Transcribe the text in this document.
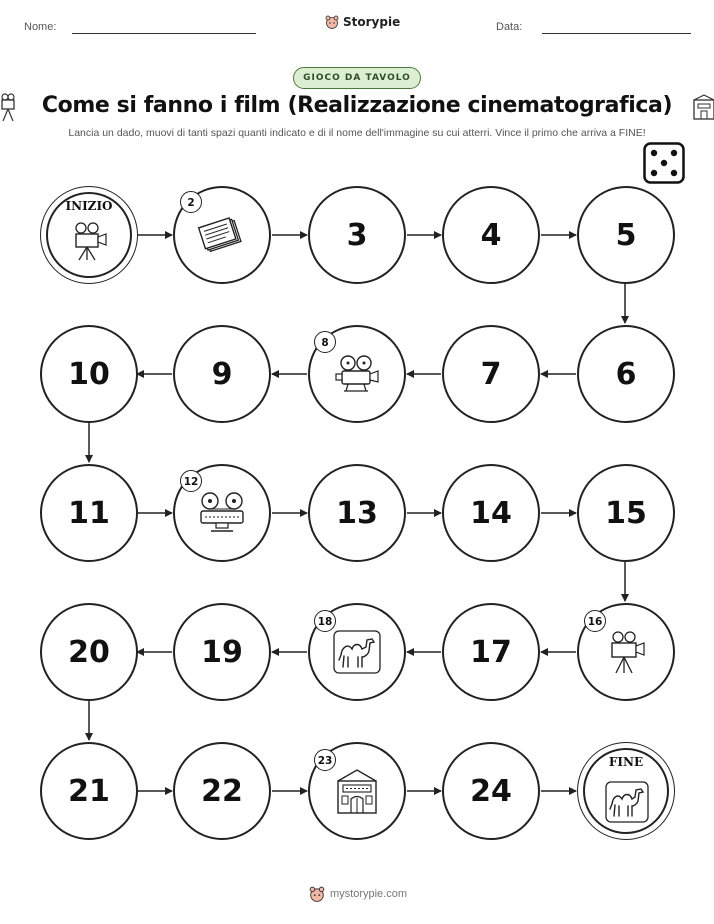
Nome:	Storypie	Data:
GIOCO DA TAVOLO
Come si fanno i film (Realizzazione cinematografica)
Lancia un dado, muovi di tanti spazi quanti indicato e di il nome dell'immagine su cui atterri. Vince il primo che arriva a FINE!
INIZIO	2
3	4	5
6
7
8
9
10
11
12
13	14	15
16
17
18
19
20
21	22
23
24
FINE
mystorypie.com
